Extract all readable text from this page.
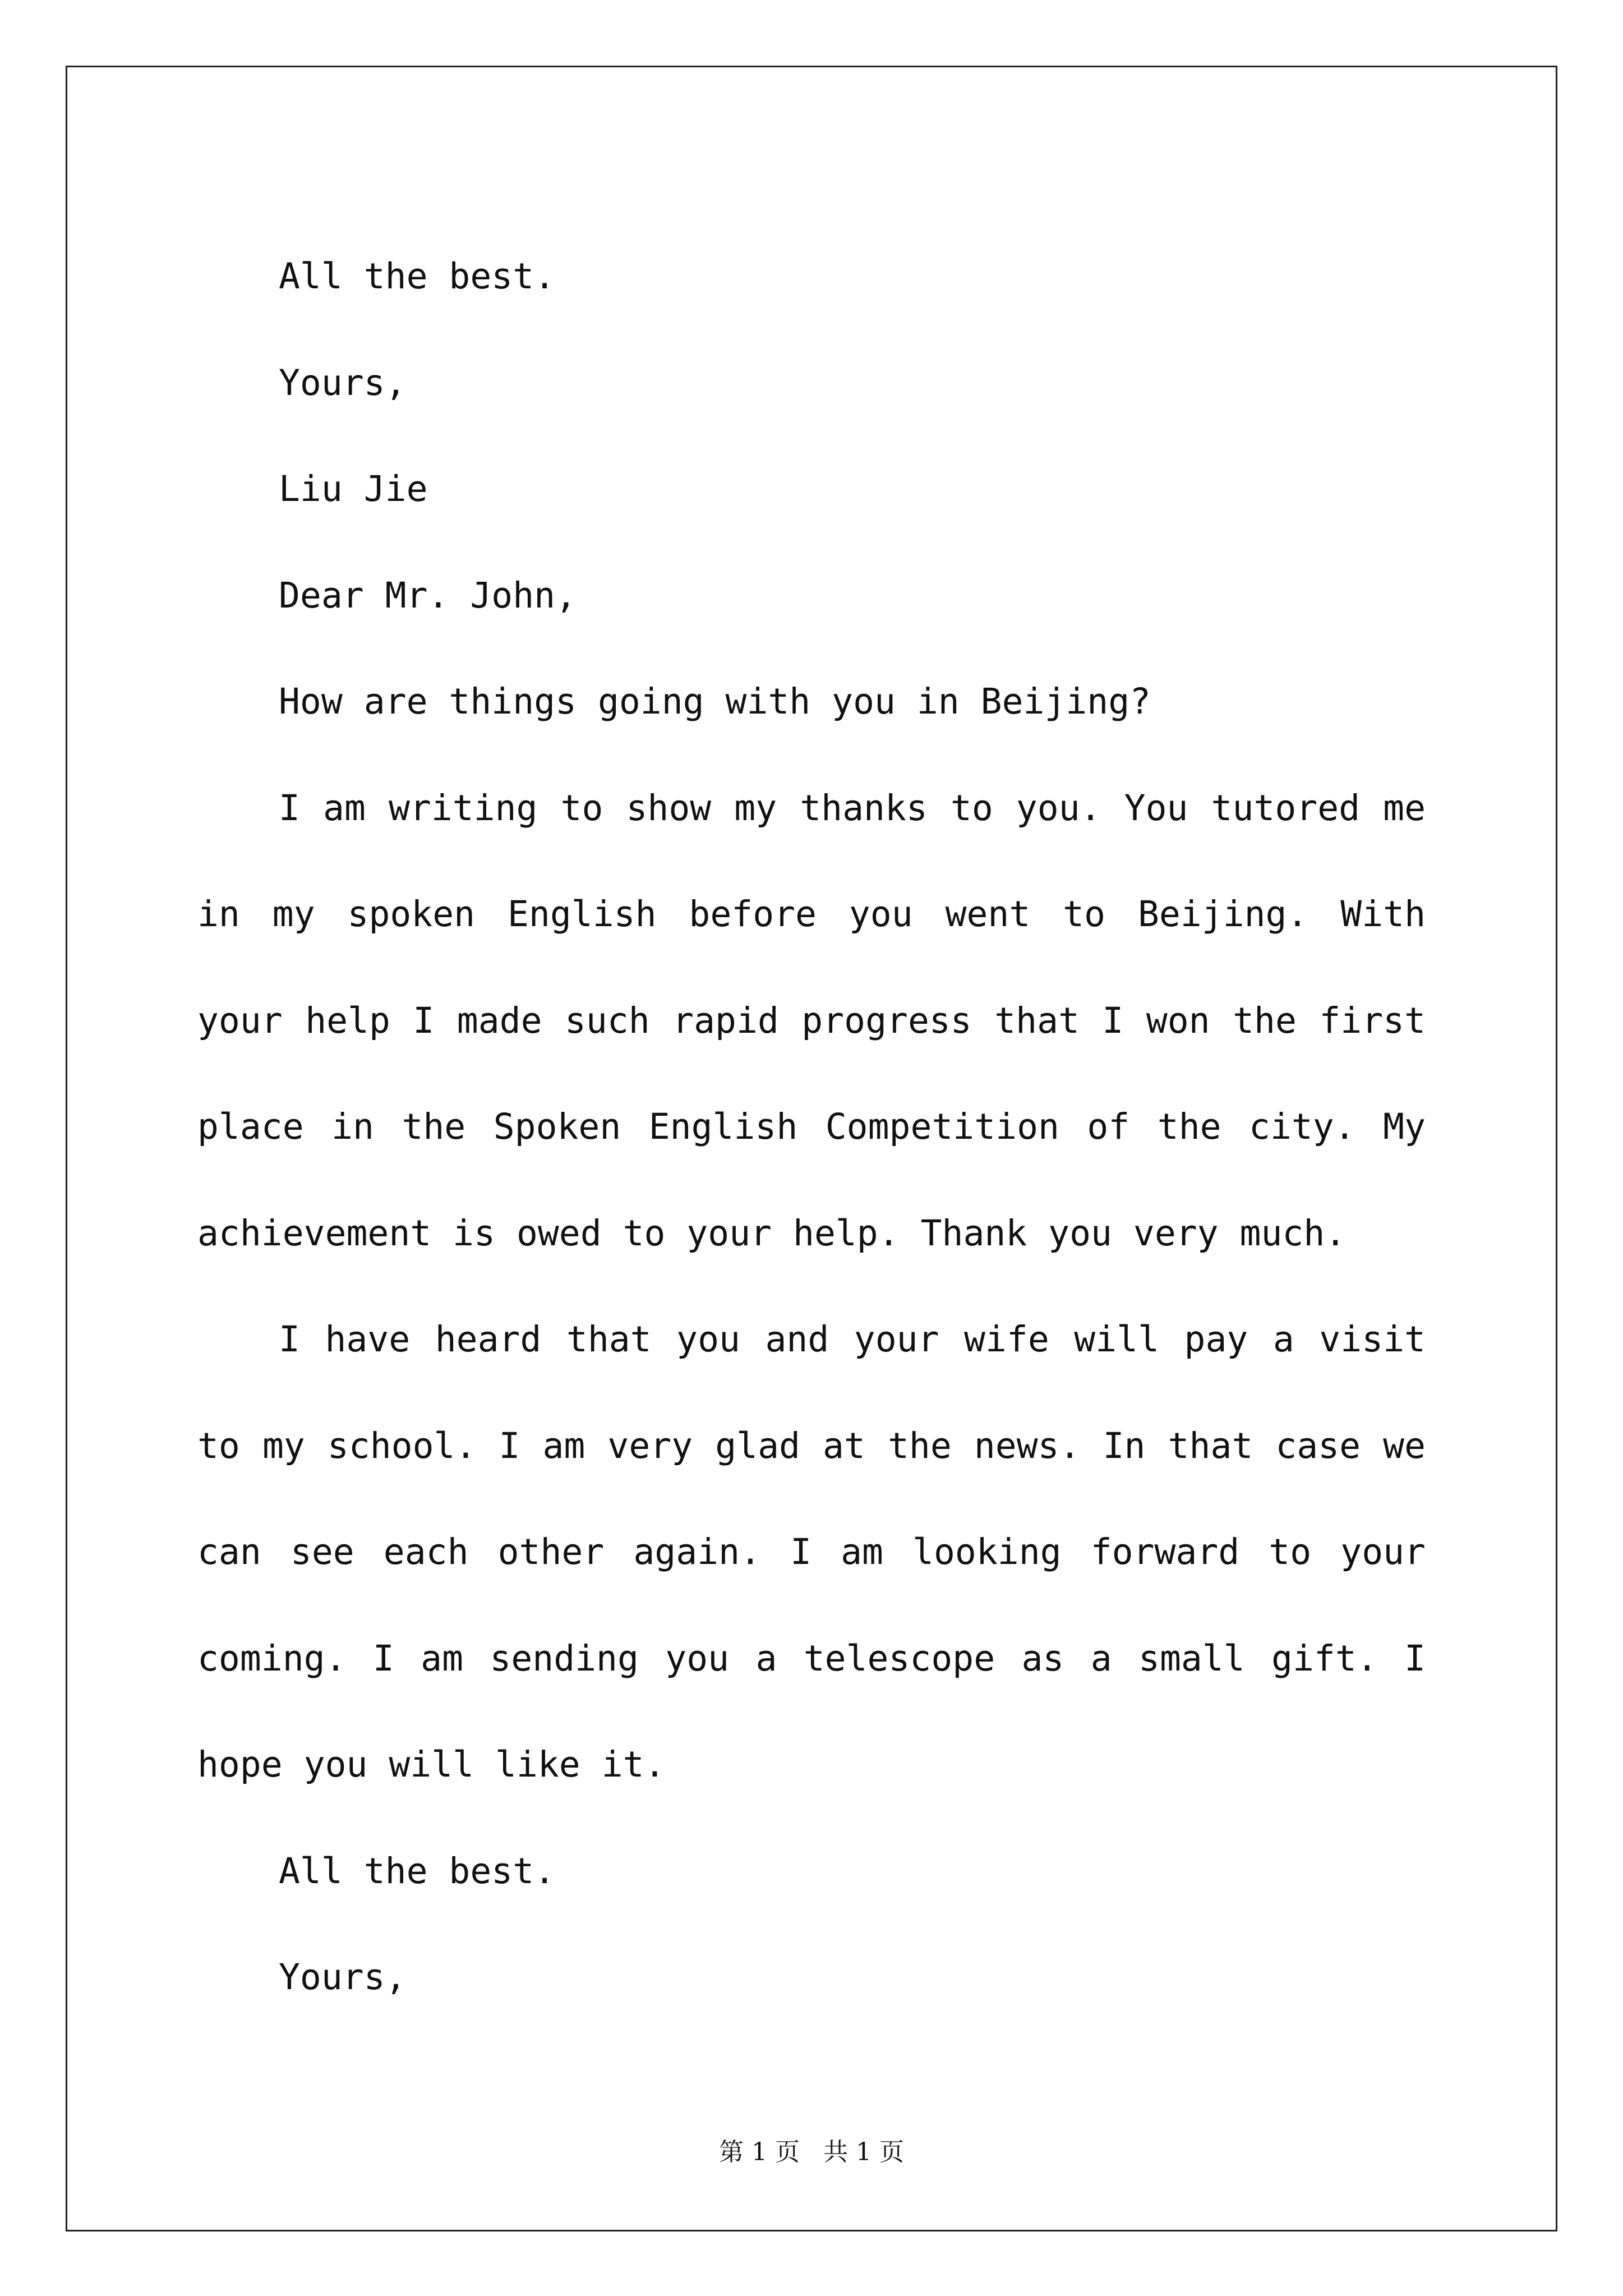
All the best.

Yours,

Liu Jie

Dear Mr. John,

How are things going with you in Beijing?

I am writing to show my thanks to you. You tutored me in my spoken English before you went to Beijing. With your help I made such rapid progress that I won the first place in the Spoken English Competition of the city. My achievement is owed to your help. Thank you very much.

I have heard that you and your wife will pay a visit to my school. I am very glad at the news. In that case we can see each other again. I am looking forward to your coming. I am sending you a telescope as a small gift. I hope you will like it.

All the best.

Yours,

第 1 页   共 1 页
